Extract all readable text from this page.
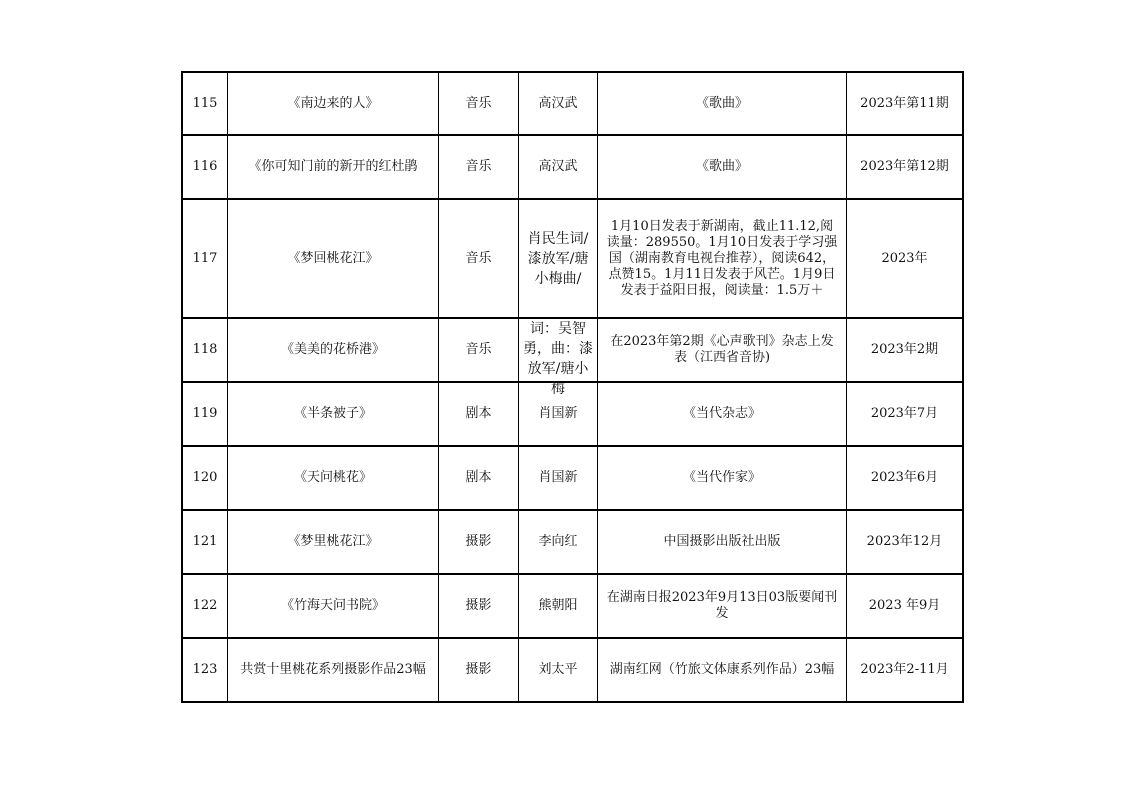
115	《南边来的人》	音乐	高汉武	《歌曲》	2023年第11期
116	《你可知门前的新开的红杜鹃	音乐	高汉武	《歌曲》	2023年第12期
117	《梦回桃花江》	音乐	肖民生词/漆放军/瑭小梅曲/	1月10日发表于新湖南，截止11.12,阅读量：289550。1月10日发表于学习强国（湖南教育电视台推荐），阅读642，点赞15。1月11日发表于风芒。1月9日发表于益阳日报，阅读量：1.5万＋	2023年
118	《美美的花桥港》	音乐	词：吴智勇，曲：漆放军/瑭小梅	在2023年第2期《心声歌刊》杂志上发表（江西省音协)	2023年2期
119	《半条被子》	剧本	肖国新	《当代杂志》	2023年7月
120	《天问桃花》	剧本	肖国新	《当代作家》	2023年6月
121	《梦里桃花江》	摄影	李向红	中国摄影出版社出版	2023年12月
122	《竹海天问书院》	摄影	熊朝阳	在湖南日报2023年9月13日03版要闻刊发	2023 年9月
123	共赏十里桃花系列摄影作品23幅	摄影	刘太平	湖南红网（竹旅文体康系列作品）23幅	2023年2-11月
